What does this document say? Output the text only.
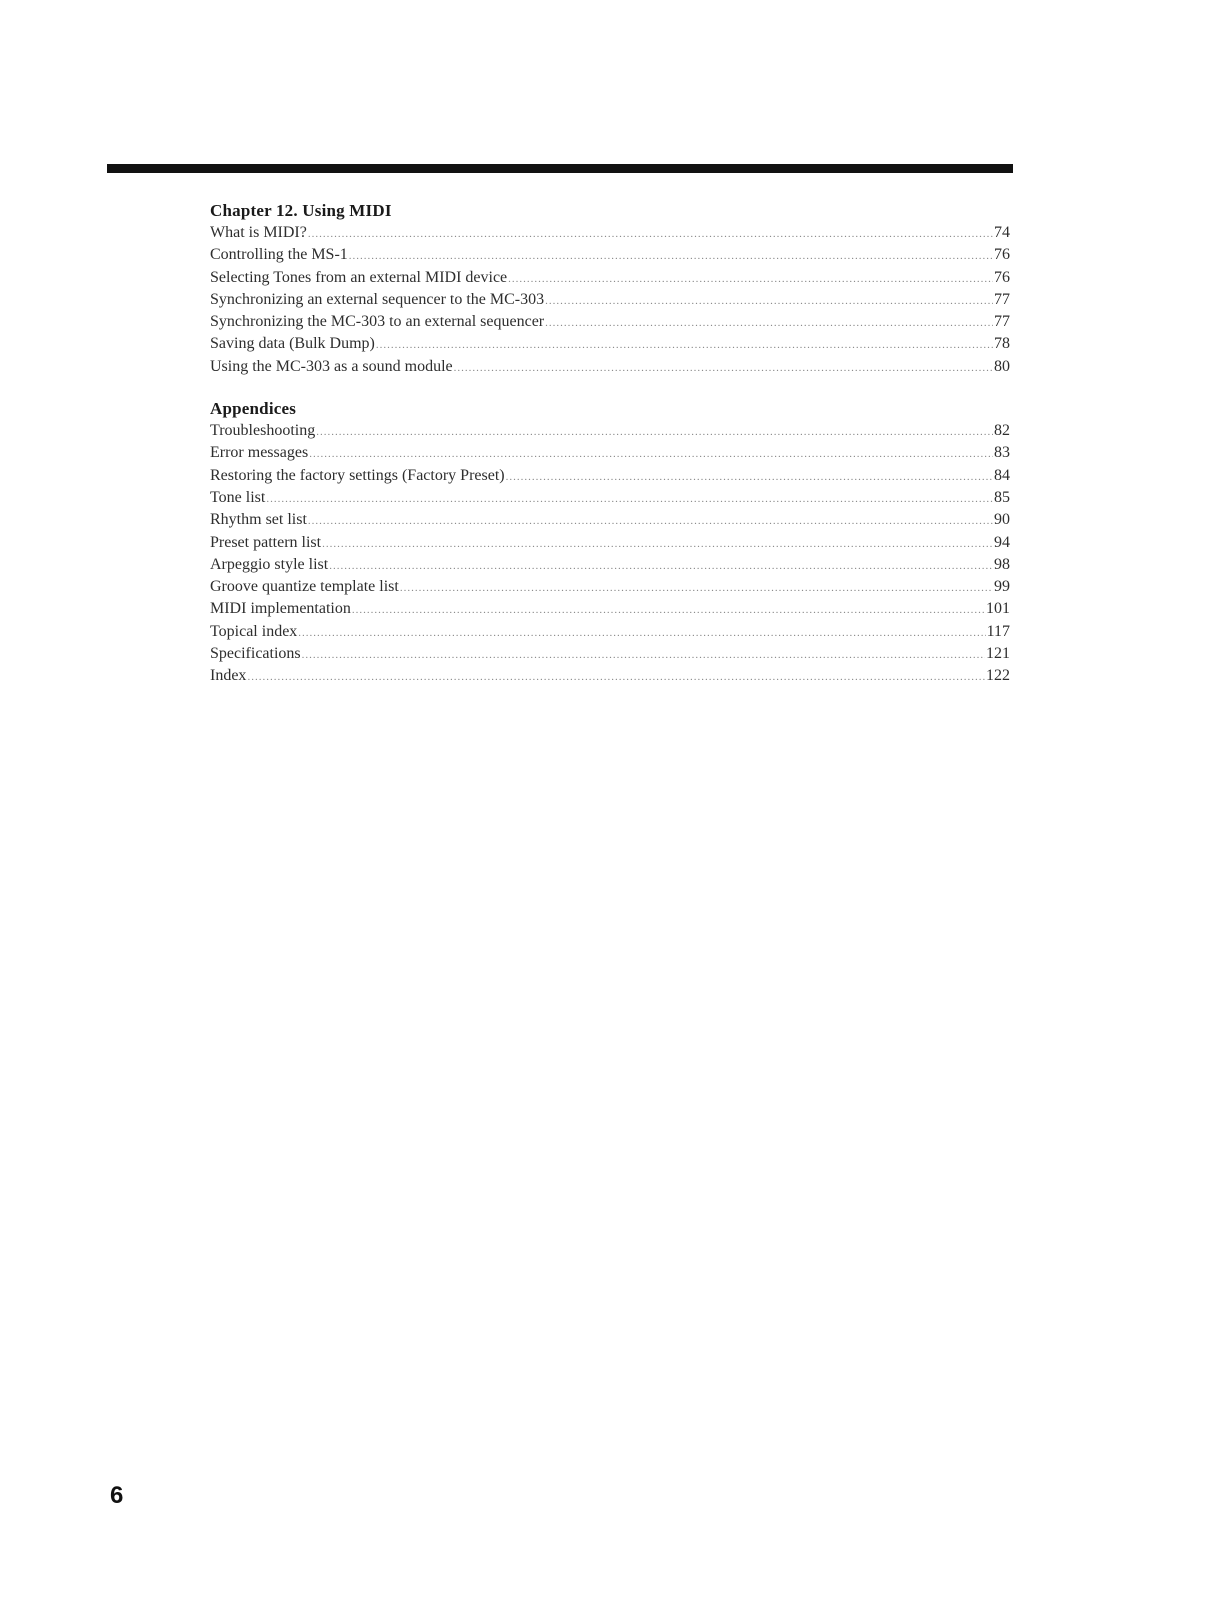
Chapter 12. Using MIDI
What is MIDI? .....	74
Controlling the MS-1 .....	76
Selecting Tones from an external MIDI device .....	76
Synchronizing an external sequencer to the MC-303 .....	77
Synchronizing the MC-303 to an external sequencer .....	77
Saving data (Bulk Dump) .....	78
Using the MC-303 as a sound module .....	80
Appendices
Troubleshooting .....	82
Error messages .....	83
Restoring the factory settings (Factory Preset) .....	84
Tone list .....	85
Rhythm set list .....	90
Preset pattern list .....	94
Arpeggio style list .....	98
Groove quantize template list .....	99
MIDI implementation .....	101
Topical index .....	117
Specifications .....	121
Index .....	122
6
